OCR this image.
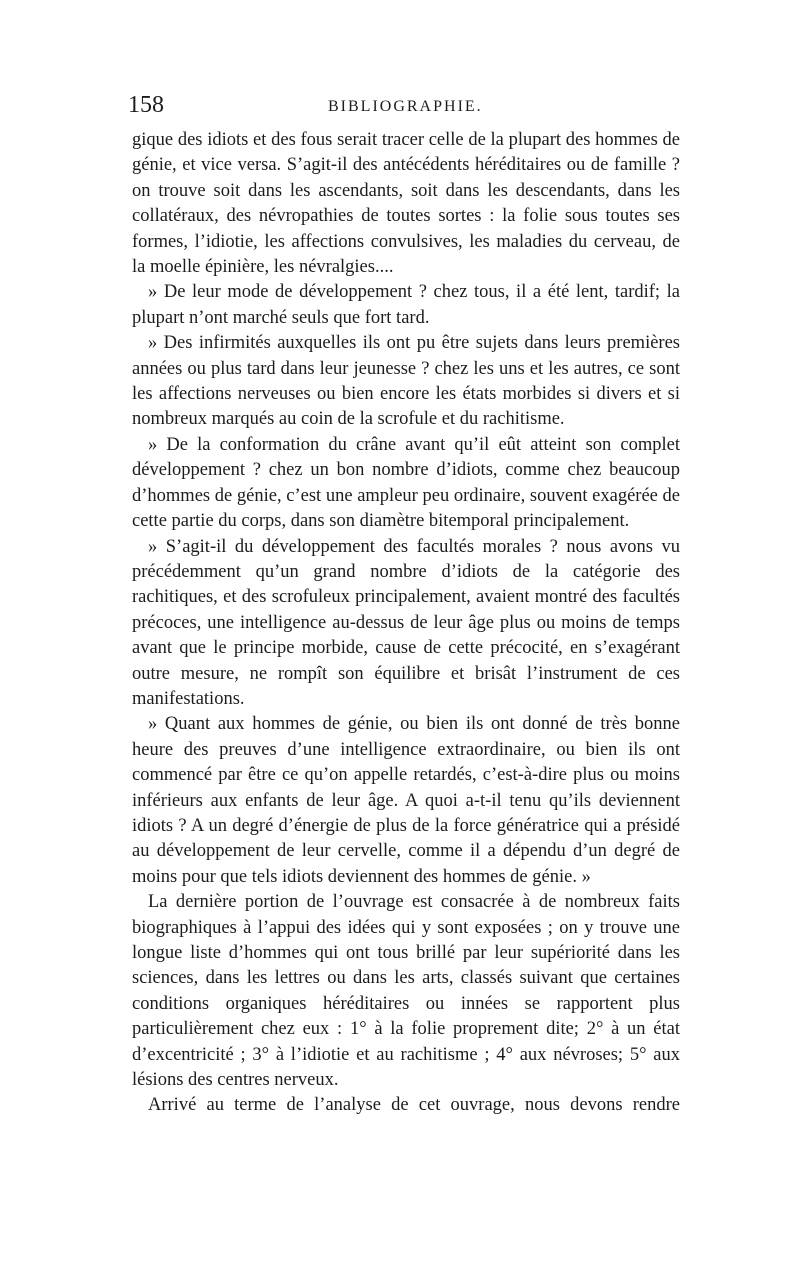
158	BIBLIOGRAPHIE.

gique des idiots et des fous serait tracer celle de la plupart des hommes de génie, et vice versa. S’agit-il des antécédents héréditaires ou de famille ? on trouve soit dans les ascendants, soit dans les descendants, dans les collatéraux, des névropathies de toutes sortes : la folie sous toutes ses formes, l’idiotie, les affections convulsives, les maladies du cerveau, de la moelle épinière, les névralgies....

» De leur mode de développement ? chez tous, il a été lent, tardif; la plupart n’ont marché seuls que fort tard.

» Des infirmités auxquelles ils ont pu être sujets dans leurs premières années ou plus tard dans leur jeunesse ? chez les uns et les autres, ce sont les affections nerveuses ou bien encore les états morbides si divers et si nombreux marqués au coin de la scrofule et du rachitisme.

» De la conformation du crâne avant qu’il eût atteint son complet développement ? chez un bon nombre d’idiots, comme chez beaucoup d’hommes de génie, c’est une ampleur peu ordinaire, souvent exagérée de cette partie du corps, dans son diamètre bitemporal principalement.

» S’agit-il du développement des facultés morales ? nous avons vu précédemment qu’un grand nombre d’idiots de la catégorie des rachitiques, et des scrofuleux principalement, avaient montré des facultés précoces, une intelligence au-dessus de leur âge plus ou moins de temps avant que le principe morbide, cause de cette précocité, en s’exagérant outre mesure, ne rompît son équilibre et brisât l’instrument de ces manifestations.

» Quant aux hommes de génie, ou bien ils ont donné de très bonne heure des preuves d’une intelligence extraordinaire, ou bien ils ont commencé par être ce qu’on appelle retardés, c’est-à-dire plus ou moins inférieurs aux enfants de leur âge. A quoi a-t-il tenu qu’ils deviennent idiots ? A un degré d’énergie de plus de la force génératrice qui a présidé au développement de leur cervelle, comme il a dépendu d’un degré de moins pour que tels idiots deviennent des hommes de génie. »

La dernière portion de l’ouvrage est consacrée à de nombreux faits biographiques à l’appui des idées qui y sont exposées ; on y trouve une longue liste d’hommes qui ont tous brillé par leur supériorité dans les sciences, dans les lettres ou dans les arts, classés suivant que certaines conditions organiques héréditaires ou innées se rapportent plus particulièrement chez eux : 1° à la folie proprement dite; 2° à un état d’excentricité ; 3° à l’idiotie et au rachitisme ; 4° aux névroses; 5° aux lésions des centres nerveux.

Arrivé au terme de l’analyse de cet ouvrage, nous devons rendre
